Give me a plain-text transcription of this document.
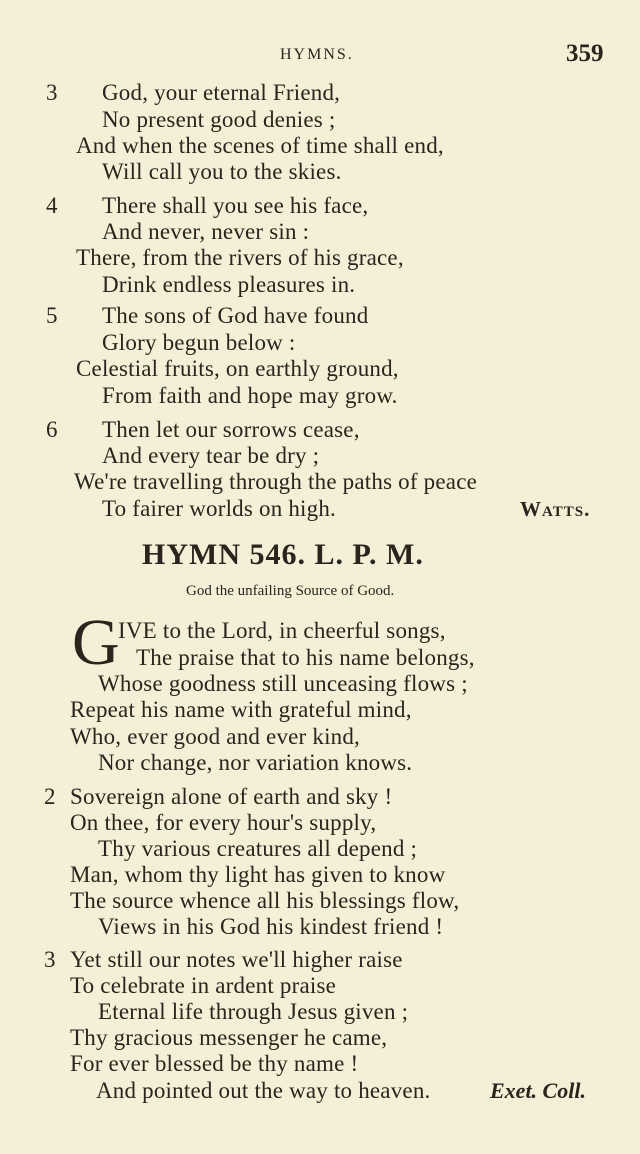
HYMNS.	359
3 God, your eternal Friend,
No present good denies ;
And when the scenes of time shall end,
Will call you to the skies.
4 There shall you see his face,
And never, never sin :
There, from the rivers of his grace,
Drink endless pleasures in.
5 The sons of God have found
Glory begun below :
Celestial fruits, on earthly ground,
From faith and hope may grow.
6 Then let our sorrows cease,
And every tear be dry ;
We're travelling through the paths of peace
To fairer worlds on high.	Watts.
HYMN 546. L. P. M.
God the unfailing Source of Good.
G
IVE to the Lord, in cheerful songs,
The praise that to his name belongs,
Whose goodness still unceasing flows ;
Repeat his name with grateful mind,
Who, ever good and ever kind,
Nor change, nor variation knows.
2 Sovereign alone of earth and sky !
On thee, for every hour's supply,
Thy various creatures all depend ;
Man, whom thy light has given to know
The source whence all his blessings flow,
Views in his God his kindest friend !
3 Yet still our notes we'll higher raise
To celebrate in ardent praise
Eternal life through Jesus given ;
Thy gracious messenger he came,
For ever blessed be thy name !
And pointed out the way to heaven.	Exet. Coll.
